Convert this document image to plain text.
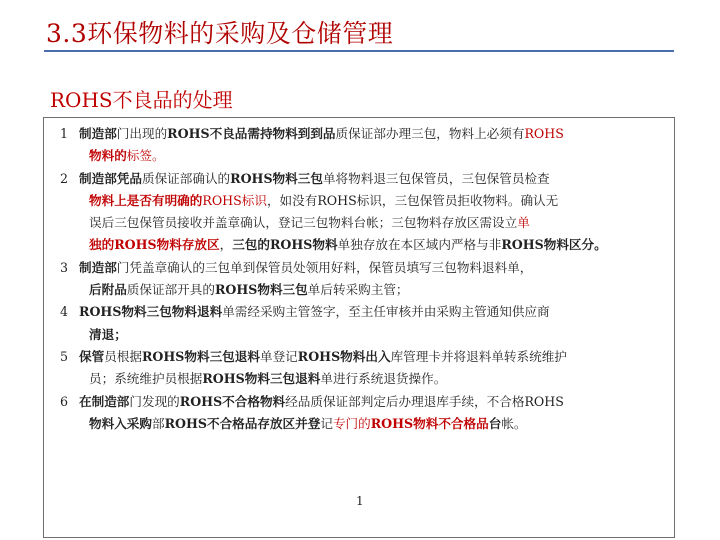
3.3环保物料的采购及仓储管理
ROHS不良品的处理
1 制造部门出现的ROHS不良品需持物料到到品质保证部办理三包，物料上必须有ROHS
物料的标签。
2 制造部凭品质保证部确认的ROHS物料三包单将物料退三包保管员，三包保管员检查
物料上是否有明确的ROHS标识，如没有ROHS标识，三包保管员拒收物料。确认无
误后三包保管员接收并盖章确认，登记三包物料台帐；三包物料存放区需设立单
独的ROHS物料存放区，三包的ROHS物料单独存放在本区域内严格与非ROHS物料区分。
3 制造部门凭盖章确认的三包单到保管员处领用好料，保管员填写三包物料退料单，
后附品质保证部开具的ROHS物料三包单后转采购主管；
4 ROHS物料三包物料退料单需经采购主管签字，至主任审核并由采购主管通知供应商
清退；
5 保管员根据ROHS物料三包退料单登记ROHS物料出入库管理卡并将退料单转系统维护
员；系统维护员根据ROHS物料三包退料单进行系统退货操作。
6 在制造部门发现的ROHS不合格物料经品质保证部判定后办理退库手续，不合格ROHS
物料入采购部ROHS不合格品存放区并登记专门的ROHS物料不合格品台帐。
1
